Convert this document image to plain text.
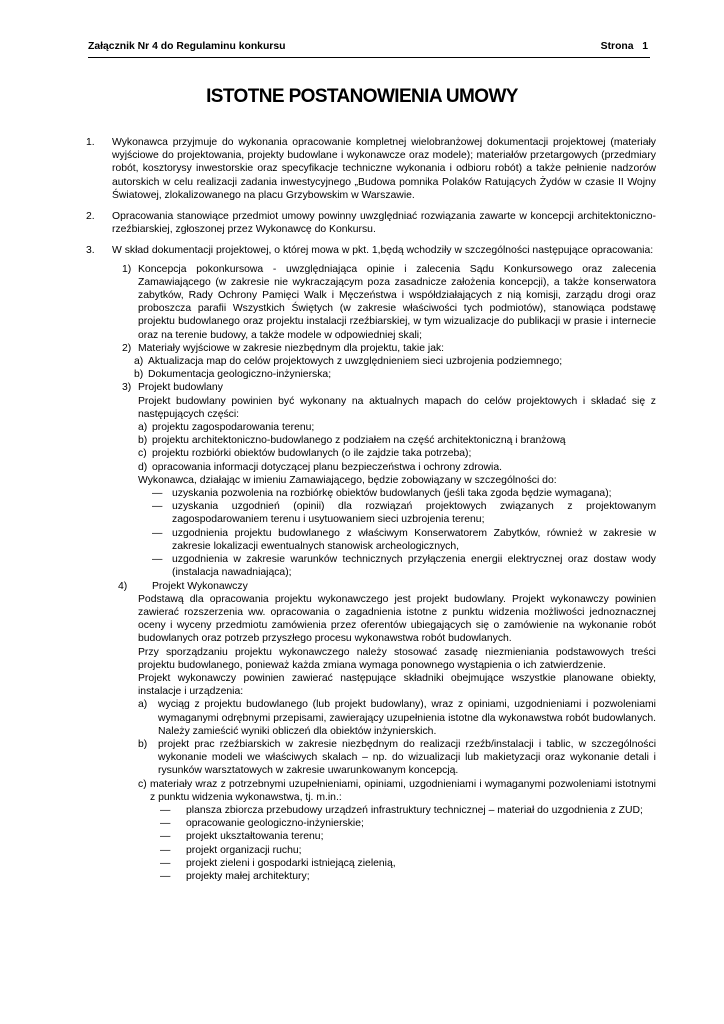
Załącznik Nr 4 do Regulaminu konkursu	Strona   1
ISTOTNE POSTANOWIENIA UMOWY
1. Wykonawca przyjmuje do wykonania opracowanie kompletnej wielobranżowej dokumentacji projektowej (materiały wyjściowe do projektowania, projekty budowlane i wykonawcze oraz modele); materiałów przetargowych (przedmiary robót, kosztorysy inwestorskie oraz specyfikacje techniczne wykonania i odbioru robót) a także pełnienie nadzorów autorskich w celu realizacji zadania inwestycyjnego „Budowa pomnika Polaków Ratujących Żydów w czasie II Wojny Światowej, zlokalizowanego na placu Grzybowskim w Warszawie.
2. Opracowania stanowiące przedmiot umowy powinny uwzględniać rozwiązania zawarte w koncepcji architektoniczno-rzeźbiarskiej, zgłoszonej przez Wykonawcę do Konkursu.
3. W skład dokumentacji projektowej, o której mowa w pkt. 1,będą wchodziły w szczególności następujące opracowania:
1) Koncepcja pokonkursowa - uwzględniająca opinie i zalecenia Sądu Konkursowego oraz zalecenia Zamawiającego (w zakresie nie wykraczającym poza zasadnicze założenia koncepcji), a także konserwatora zabytków, Rady Ochrony Pamięci Walk i Męczeństwa i współdziałających z nią komisji, zarządu drogi oraz proboszcza parafii Wszystkich Świętych (w zakresie właściwości tych podmiotów), stanowiąca podstawę projektu budowlanego oraz projektu instalacji rzeźbiarskiej, w tym wizualizacje do publikacji w prasie i internecie oraz na terenie budowy, a także modele w odpowiedniej skali;
2) Materiały wyjściowe w zakresie niezbędnym dla projektu, takie jak:
a) Aktualizacja map do celów projektowych z uwzględnieniem sieci uzbrojenia podziemnego;
b) Dokumentacja geologiczno-inżynierska;
3) Projekt budowlany
Projekt budowlany powinien być wykonany na aktualnych mapach do celów projektowych i składać się z następujących części:
a) projektu zagospodarowania terenu;
b) projektu architektoniczno-budowlanego z podziałem na część architektoniczną i branżową
c) projektu rozbiórki obiektów budowlanych (o ile zajdzie taka potrzeba);
d) opracowania informacji dotyczącej planu bezpieczeństwa i ochrony zdrowia.
Wykonawca, działając w imieniu Zamawiającego, będzie zobowiązany w szczególności do:
— uzyskania pozwolenia na rozbiórkę obiektów budowlanych (jeśli taka zgoda będzie wymagana);
— uzyskania uzgodnień (opinii) dla rozwiązań projektowych związanych z projektowanym zagospodarowaniem terenu i usytuowaniem sieci uzbrojenia terenu;
— uzgodnienia projektu budowlanego z właściwym Konserwatorem Zabytków, również w zakresie w zakresie lokalizacji ewentualnych stanowisk archeologicznych,
— uzgodnienia w zakresie warunków technicznych przyłączenia energii elektrycznej oraz dostaw wody (instalacja nawadniająca);
4) Projekt Wykonawczy
Podstawą dla opracowania projektu wykonawczego jest projekt budowlany. Projekt wykonawczy powinien zawierać rozszerzenia ww. opracowania o zagadnienia istotne z punktu widzenia możliwości jednoznacznej oceny i wyceny przedmiotu zamówienia przez oferentów ubiegających się o zamówienie na wykonanie robót budowlanych oraz potrzeb przyszłego procesu wykonawstwa robót budowlanych.
Przy sporządzaniu projektu wykonawczego należy stosować zasadę niezmieniania podstawowych treści projektu budowlanego, ponieważ każda zmiana wymaga ponownego wystąpienia o ich zatwierdzenie.
Projekt wykonawczy powinien zawierać następujące składniki obejmujące wszystkie planowane obiekty, instalacje i urządzenia:
a) wyciąg z projektu budowlanego (lub projekt budowlany), wraz z opiniami, uzgodnieniami i pozwoleniami wymaganymi odrębnymi przepisami, zawierający uzupełnienia istotne dla wykonawstwa robót budowlanych. Należy zamieścić wyniki obliczeń dla obiektów inżynierskich.
b) projekt prac rzeźbiarskich w zakresie niezbędnym do realizacji rzeźb/instalacji i tablic, w szczególności wykonanie modeli we właściwych skalach – np. do wizualizacji lub makietyzacji oraz wykonanie detali i rysunków warsztatowych w zakresie uwarunkowanym koncepcją.
c) materiały wraz z potrzebnymi uzupełnieniami, opiniami, uzgodnieniami i wymaganymi pozwoleniami istotnymi z punktu widzenia wykonawstwa, tj. m.in.:
— plansza zbiorcza przebudowy urządzeń infrastruktury technicznej – materiał do uzgodnienia z ZUD;
— opracowanie geologiczno-inżynierskie;
— projekt ukształtowania terenu;
— projekt organizacji ruchu;
— projekt zieleni i gospodarki istniejącą zielenią,
— projekty małej architektury;
